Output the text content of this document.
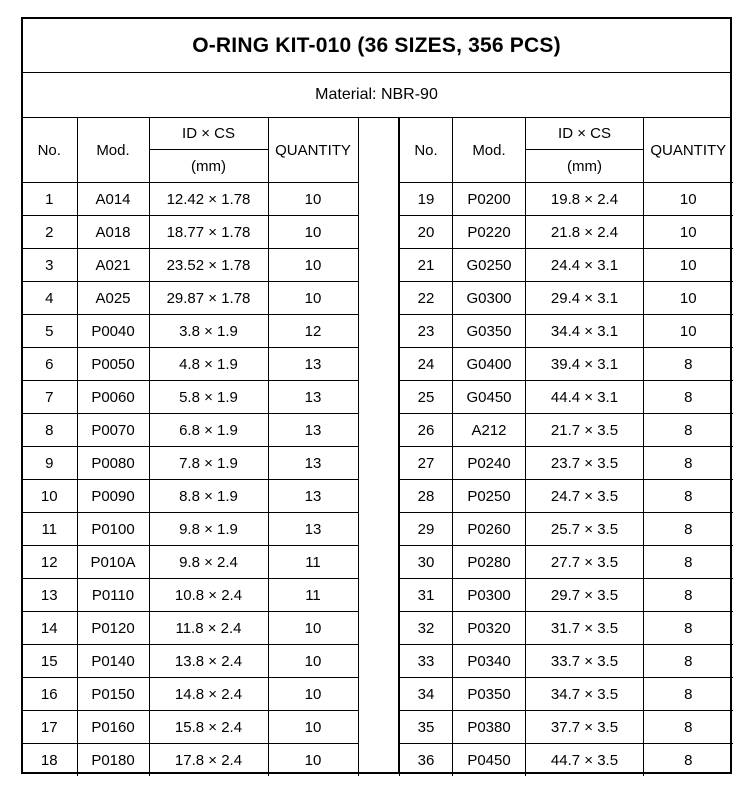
O-RING KIT-010 (36 SIZES, 356 PCS)
Material: NBR-90
No.	Mod.	ID × CS	QUANTITY
		(mm)	
1	A014	12.42 × 1.78	10
2	A018	18.77 × 1.78	10
3	A021	23.52 × 1.78	10
4	A025	29.87 × 1.78	10
5	P0040	3.8 × 1.9	12
6	P0050	4.8 × 1.9	13
7	P0060	5.8 × 1.9	13
8	P0070	6.8 × 1.9	13
9	P0080	7.8 × 1.9	13
10	P0090	8.8 × 1.9	13
11	P0100	9.8 × 1.9	13
12	P010A	9.8 × 2.4	11
13	P0110	10.8 × 2.4	11
14	P0120	11.8 × 2.4	10
15	P0140	13.8 × 2.4	10
16	P0150	14.8 × 2.4	10
17	P0160	15.8 × 2.4	10
18	P0180	17.8 × 2.4	10
No.	Mod.	ID × CS	QUANTITY
		(mm)	
19	P0200	19.8 × 2.4	10
20	P0220	21.8 × 2.4	10
21	G0250	24.4 × 3.1	10
22	G0300	29.4 × 3.1	10
23	G0350	34.4 × 3.1	10
24	G0400	39.4 × 3.1	8
25	G0450	44.4 × 3.1	8
26	A212	21.7 × 3.5	8
27	P0240	23.7 × 3.5	8
28	P0250	24.7 × 3.5	8
29	P0260	25.7 × 3.5	8
30	P0280	27.7 × 3.5	8
31	P0300	29.7 × 3.5	8
32	P0320	31.7 × 3.5	8
33	P0340	33.7 × 3.5	8
34	P0350	34.7 × 3.5	8
35	P0380	37.7 × 3.5	8
36	P0450	44.7 × 3.5	8
